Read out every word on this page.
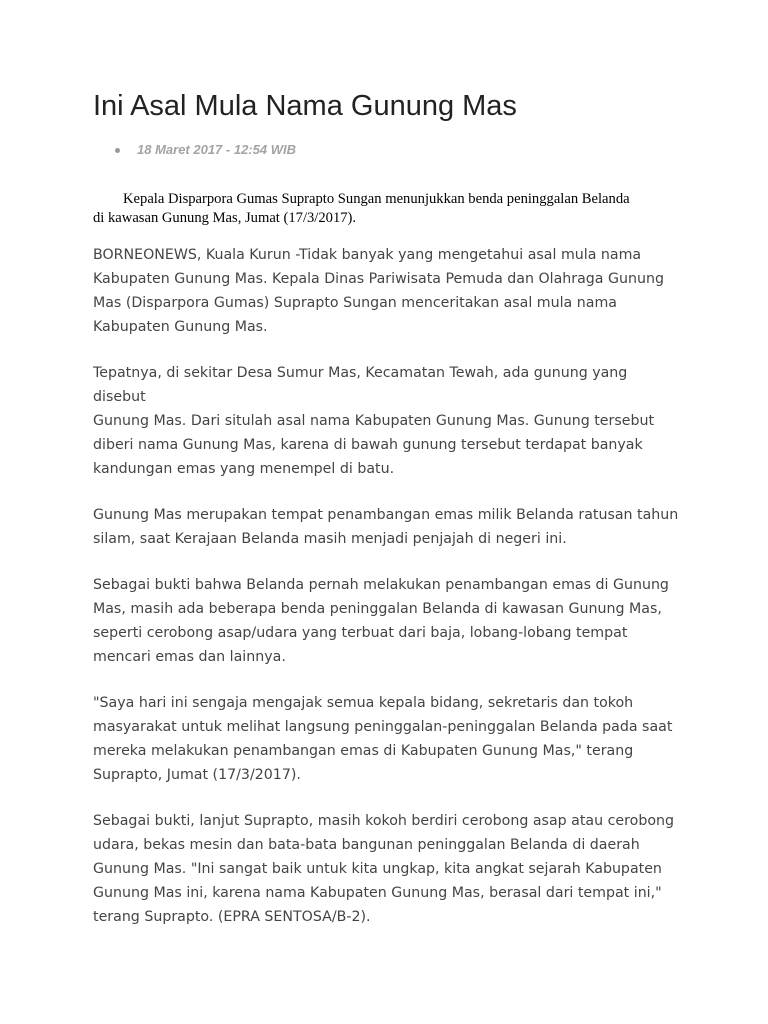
Ini Asal Mula Nama Gunung Mas
18 Maret 2017 - 12:54 WIB

Kepala Disparpora Gumas Suprapto Sungan menunjukkan benda peninggalan Belanda
di kawasan Gunung Mas, Jumat (17/3/2017).

BORNEONEWS, Kuala Kurun -Tidak banyak yang mengetahui asal mula nama
Kabupaten Gunung Mas. Kepala Dinas Pariwisata Pemuda dan Olahraga Gunung
Mas (Disparpora Gumas) Suprapto Sungan menceritakan asal mula nama
Kabupaten Gunung Mas.

Tepatnya, di sekitar Desa Sumur Mas, Kecamatan Tewah, ada gunung yang disebut
Gunung Mas. Dari situlah asal nama Kabupaten Gunung Mas. Gunung tersebut
diberi nama Gunung Mas, karena di bawah gunung tersebut terdapat banyak
kandungan emas yang menempel di batu.

Gunung Mas merupakan tempat penambangan emas milik Belanda ratusan tahun
silam, saat Kerajaan Belanda masih menjadi penjajah di negeri ini.

Sebagai bukti bahwa Belanda pernah melakukan penambangan emas di Gunung
Mas, masih ada beberapa benda peninggalan Belanda di kawasan Gunung Mas,
seperti cerobong asap/udara yang terbuat dari baja, lobang-lobang tempat
mencari emas dan lainnya.

"Saya hari ini sengaja mengajak semua kepala bidang, sekretaris dan tokoh
masyarakat untuk melihat langsung peninggalan-peninggalan Belanda pada saat
mereka melakukan penambangan emas di Kabupaten Gunung Mas," terang
Suprapto, Jumat (17/3/2017).

Sebagai bukti, lanjut Suprapto, masih kokoh berdiri cerobong asap atau cerobong
udara, bekas mesin dan bata-bata bangunan peninggalan Belanda di daerah
Gunung Mas. "Ini sangat baik untuk kita ungkap, kita angkat sejarah Kabupaten
Gunung Mas ini, karena nama Kabupaten Gunung Mas, berasal dari tempat ini,"
terang Suprapto. (EPRA SENTOSA/B-2).
